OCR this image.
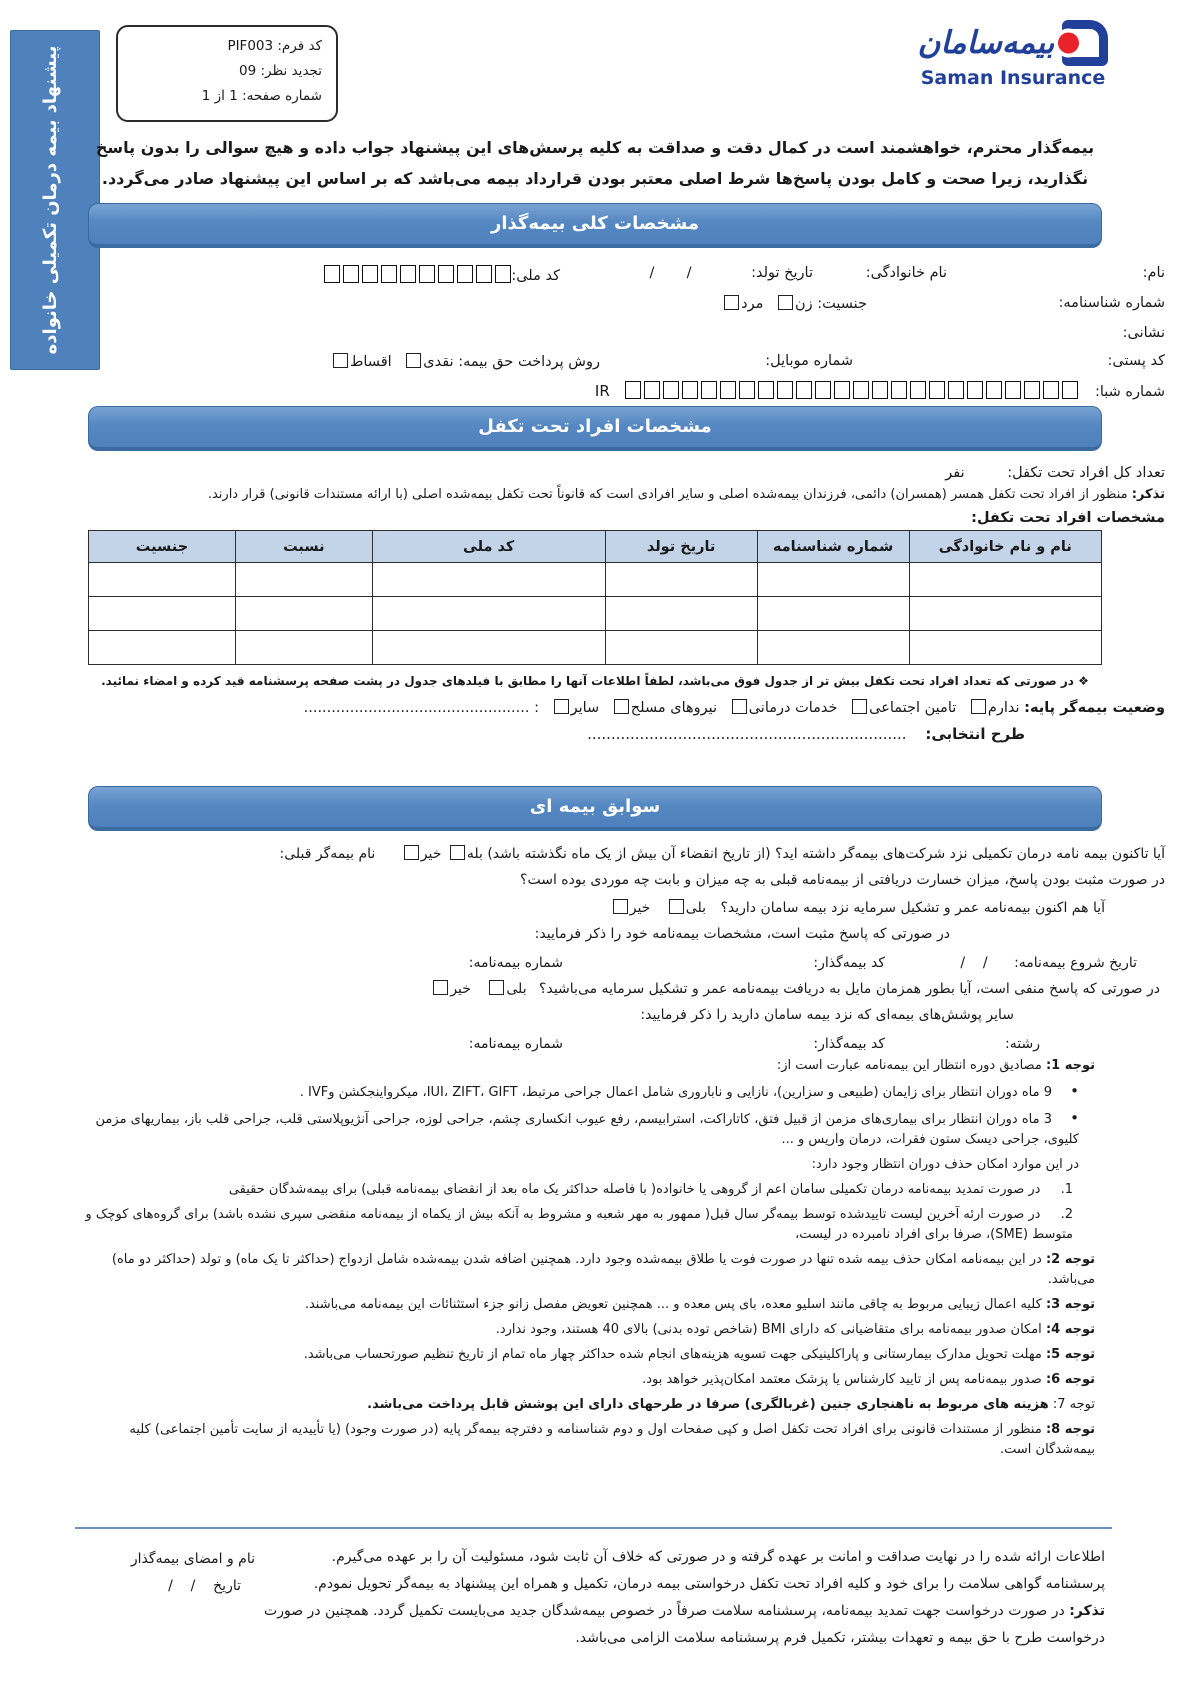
پیشنهاد بیمه درمان تکمیلی خانواده	کد فرم: PIF003
تجدید نظر: 09
شماره صفحه: 1 از 1
بیمه‌سامان
Saman Insurance
بیمه‌گذار محترم، خواهشمند است در کمال دقت و صداقت به کلیه پرسش‌های این پیشنهاد جواب داده و هیچ سوالی را بدون پاسخ نگذارید، زیرا صحت و کامل بودن پاسخ‌ها شرط اصلی معتبر بودن قرارداد بیمه می‌باشد که بر اساس این پیشنهاد صادر می‌گردد.
مشخصات کلی بیمه‌گذار
نام:
نام خانوادگی:
تاریخ تولد: /       /
کد ملی:
شماره شناسنامه:
جنسیت: زن مرد
نشانی:
کد پستی:
شماره موبایل:
روش پرداخت حق بیمه: نقدی اقساط
شماره شبا:  IR
مشخصات افراد تحت تکفل
تعداد کل افراد تحت تکفل: نفر
تذکر: منظور از افراد تحت تکفل همسر (همسران) دائمی، فرزندان بیمه‌شده اصلی و سایر افرادی است که قانوناً تحت تکفل بیمه‌شده اصلی (با ارائه مستندات قانونی) قرار دارند.
مشخصات افراد تحت تکفل:
نام و نام خانوادگی	شماره شناسنامه	تاریخ تولد	کد ملی	نسبت	جنسیت

❖ در صورتی که تعداد افراد تحت تکفل بیش تر از جدول فوق می‌باشد، لطفاً اطلاعات آنها را مطابق با فیلدهای جدول در پشت صفحه پرسشنامه قید کرده و امضاء نمائید.
وضعیت بیمه‌گر پایه: ندارم تامین اجتماعی خدمات درمانی نیروهای مسلح سایر : .................................................
طرح انتخابی: ...................................................................
سوابق بیمه ای
آیا تاکنون بیمه نامه درمان تکمیلی نزد شرکت‌های بیمه‌گر داشته اید؟ (از تاریخ انقضاء آن بیش از یک ماه نگذشته باشد) بله خیر نام بیمه‌گر قبلی:
در صورت مثبت بودن پاسخ، میزان خسارت دریافتی از بیمه‌نامه قبلی به چه میزان و بابت چه موردی بوده است؟
آیا هم اکنون بیمه‌نامه عمر و تشکیل سرمایه نزد بیمه سامان دارید؟ بلی خیر
در صورتی که پاسخ مثبت است، مشخصات بیمه‌نامه خود را ذکر فرمایید:
تاریخ شروع بیمه‌نامه: /    /
کد بیمه‌گذار:
شماره بیمه‌نامه:
در صورتی که پاسخ منفی است، آیا بطور همزمان مایل به دریافت بیمه‌نامه عمر و تشکیل سرمایه می‌باشید؟ بلی خیر
سایر پوشش‌های بیمه‌ای که نزد بیمه سامان دارید را ذکر فرمایید:
رشته:
کد بیمه‌گذار:
شماره بیمه‌نامه:
توجه 1: مصادیق دوره انتظار این بیمه‌نامه عبارت است از:
• 9 ماه دوران انتظار برای زایمان (طبیعی و سزارین)، نازایی و ناباروری شامل اعمال جراحی مرتبط، IUI، ZIFT، GIFT، میکرواینجکشن وIVF .
• 3 ماه دوران انتظار برای بیماری‌های مزمن از قبیل فتق، کاتاراکت، استرابیسم، رفع عیوب انکساری چشم، جراحی لوزه، جراحی آنژیوپلاستی قلب، جراحی قلب باز، بیماریهای مزمن کلیوی، جراحی دیسک ستون فقرات، درمان واریس و ...
در این موارد امکان حذف دوران انتظار وجود دارد:
1. در صورت تمدید بیمه‌نامه درمان تکمیلی سامان اعم از گروهی یا خانواده( با فاصله حداکثر یک ماه بعد از انقضای بیمه‌نامه قبلی) برای بیمه‌شدگان حقیقی
2. در صورت ارئه آخرین لیست تاییدشده توسط بیمه‌گر سال قبل( ممهور به مهر شعبه و مشروط به آنکه بیش از یکماه از بیمه‌نامه منقضی سپری نشده باشد) برای گروه‌های کوچک و متوسط (SME)، صرفا برای افراد نامبرده در لیست،
توجه 2: در این بیمه‌نامه امکان حذف بیمه شده تنها در صورت فوت یا طلاق بیمه‌شده وجود دارد. همچنین اضافه شدن بیمه‌شده شامل ازدواج (حداکثر تا یک ماه) و تولد (حداکثر دو ماه) می‌باشد.
توجه 3: کلیه اعمال زیبایی مربوط به چاقی مانند اسلیو معده، بای پس معده و ... همچنین تعویض مفصل زانو جزء استثنائات این بیمه‌نامه می‌باشند.
توجه 4: امکان صدور بیمه‌نامه برای متقاضیانی که دارای BMI (شاخص توده بدنی) بالای 40 هستند، وجود ندارد.
توجه 5: مهلت تحویل مدارک بیمارستانی و پاراکلینیکی جهت تسویه هزینه‌های انجام شده حداکثر چهار ماه تمام از تاریخ تنظیم صورتحساب می‌باشد.
توجه 6: صدور بیمه‌نامه پس از تایید کارشناس یا پزشک معتمد امکان‌پذیر خواهد بود.
توجه 7: هزینه های مربوط به ناهنجاری جنین (غربالگری) صرفا در طرحهای دارای این پوشش قابل پرداخت می‌باشد.
توجه 8: منظور از مستندات قانونی برای افراد تحت تکفل اصل و کپی صفحات اول و دوم شناسنامه و دفترچه بیمه‌گر پایه (در صورت وجود) (یا تأییدیه از سایت تأمین اجتماعی) کلیه بیمه‌شدگان است.
اطلاعات ارائه شده را در نهایت صداقت و امانت بر عهده گرفته و در صورتی که خلاف آن ثابت شود، مسئولیت آن را بر عهده می‌گیرم.
پرسشنامه گواهی سلامت را برای خود و کلیه افراد تحت تکفل درخواستی بیمه درمان، تکمیل و همراه این پیشنهاد به بیمه‌گر تحویل نمودم.
تذکر: در صورت درخواست جهت تمدید بیمه‌نامه، پرسشنامه سلامت صرفاً در خصوص بیمه‌شدگان جدید می‌بایست تکمیل گردد. همچنین در صورت درخواست طرح با حق بیمه و تعهدات بیشتر، تکمیل فرم پرسشنامه سلامت الزامی می‌باشد.
نام و امضای بیمه‌گذار
تاریخ    /    /
